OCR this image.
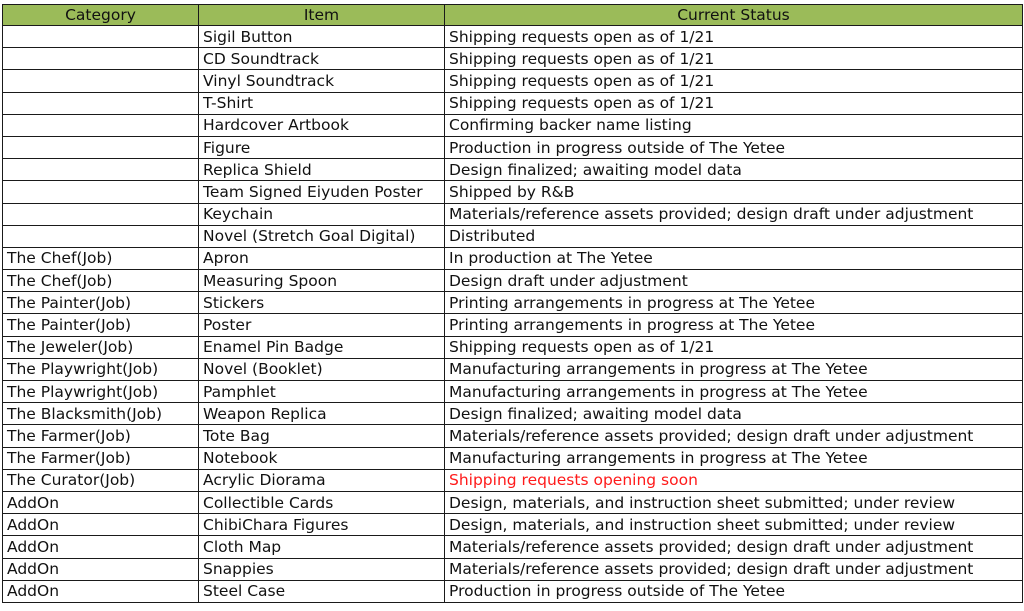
Category	Item	Current Status
	Sigil Button	Shipping requests open as of 1/21
	CD Soundtrack	Shipping requests open as of 1/21
	Vinyl Soundtrack	Shipping requests open as of 1/21
	T-Shirt	Shipping requests open as of 1/21
	Hardcover Artbook	Confirming backer name listing
	Figure	Production in progress outside of The Yetee
	Replica Shield	Design finalized; awaiting model data
	Team Signed Eiyuden Poster	Shipped by R&B
	Keychain	Materials/reference assets provided; design draft under adjustment
	Novel (Stretch Goal Digital)	Distributed
The Chef(Job)	Apron	In production at The Yetee
The Chef(Job)	Measuring Spoon	Design draft under adjustment
The Painter(Job)	Stickers	Printing arrangements in progress at The Yetee
The Painter(Job)	Poster	Printing arrangements in progress at The Yetee
The Jeweler(Job)	Enamel Pin Badge	Shipping requests open as of 1/21
The Playwright(Job)	Novel (Booklet)	Manufacturing arrangements in progress at The Yetee
The Playwright(Job)	Pamphlet	Manufacturing arrangements in progress at The Yetee
The Blacksmith(Job)	Weapon Replica	Design finalized; awaiting model data
The Farmer(Job)	Tote Bag	Materials/reference assets provided; design draft under adjustment
The Farmer(Job)	Notebook	Manufacturing arrangements in progress at The Yetee
The Curator(Job)	Acrylic Diorama	Shipping requests opening soon
AddOn	Collectible Cards	Design, materials, and instruction sheet submitted; under review
AddOn	ChibiChara Figures	Design, materials, and instruction sheet submitted; under review
AddOn	Cloth Map	Materials/reference assets provided; design draft under adjustment
AddOn	Snappies	Materials/reference assets provided; design draft under adjustment
AddOn	Steel Case	Production in progress outside of The Yetee
